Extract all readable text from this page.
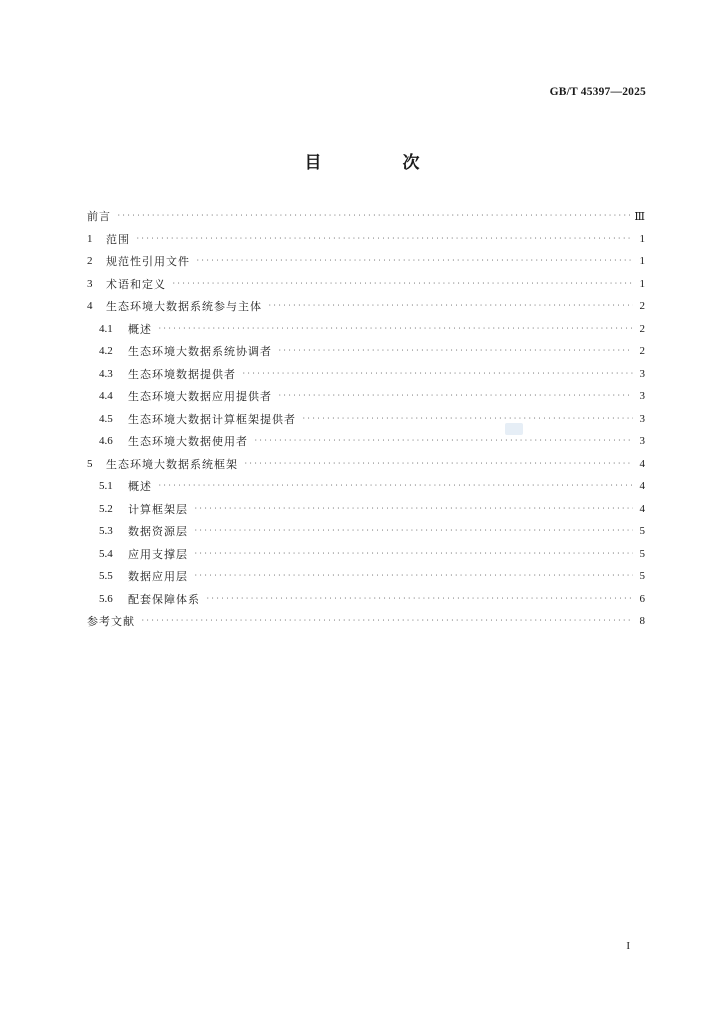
GB/T 45397—2025
目　次
前言 ·····	Ⅲ
1	范围 ·····	1
2	规范性引用文件 ·····	1
3	术语和定义 ·····	1
4	生态环境大数据系统参与主体 ·····	2
4.1	概述 ·····	2
4.2	生态环境大数据系统协调者 ·····	2
4.3	生态环境数据提供者 ·····	3
4.4	生态环境大数据应用提供者 ·····	3
4.5	生态环境大数据计算框架提供者 ·····	3
4.6	生态环境大数据使用者 ·····	3
5	生态环境大数据系统框架 ·····	4
5.1	概述 ·····	4
5.2	计算框架层 ·····	4
5.3	数据资源层 ·····	5
5.4	应用支撑层 ·····	5
5.5	数据应用层 ·····	5
5.6	配套保障体系 ·····	6
参考文献 ·····	8
I
